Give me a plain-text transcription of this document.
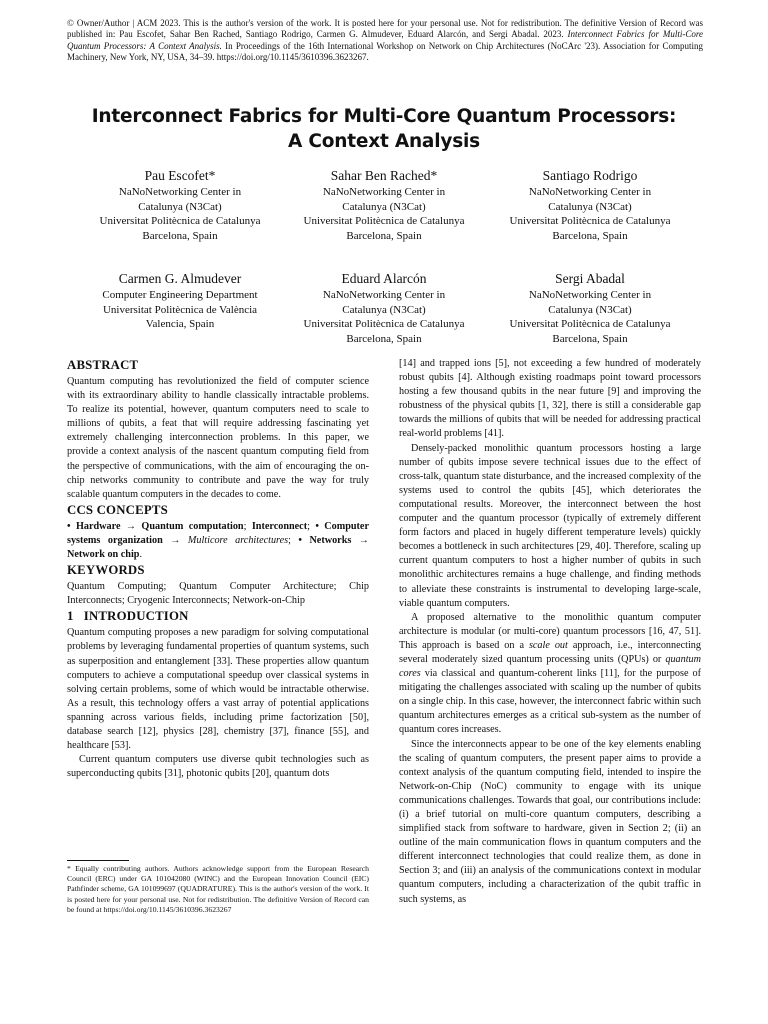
© Owner/Author | ACM 2023. This is the author's version of the work. It is posted here for your personal use. Not for redistribution. The definitive Version of Record was published in: Pau Escofet, Sahar Ben Rached, Santiago Rodrigo, Carmen G. Almudever, Eduard Alarcón, and Sergi Abadal. 2023. Interconnect Fabrics for Multi-Core Quantum Processors: A Context Analysis. In Proceedings of the 16th International Workshop on Network on Chip Architectures (NoCArc '23). Association for Computing Machinery, New York, NY, USA, 34–39. https://doi.org/10.1145/3610396.3623267.
Interconnect Fabrics for Multi-Core Quantum Processors:
A Context Analysis
Pau Escofet*
NaNoNetworking Center in
Catalunya (N3Cat)
Universitat Politècnica de Catalunya
Barcelona, Spain
Sahar Ben Rached*
NaNoNetworking Center in
Catalunya (N3Cat)
Universitat Politècnica de Catalunya
Barcelona, Spain
Santiago Rodrigo
NaNoNetworking Center in
Catalunya (N3Cat)
Universitat Politècnica de Catalunya
Barcelona, Spain
Carmen G. Almudever
Computer Engineering Department
Universitat Politècnica de València
Valencia, Spain
Eduard Alarcón
NaNoNetworking Center in
Catalunya (N3Cat)
Universitat Politècnica de Catalunya
Barcelona, Spain
Sergi Abadal
NaNoNetworking Center in
Catalunya (N3Cat)
Universitat Politècnica de Catalunya
Barcelona, Spain
ABSTRACT

Quantum computing has revolutionized the field of computer science with its extraordinary ability to handle classically intractable problems. To realize its potential, however, quantum computers need to scale to millions of qubits, a feat that will require addressing fascinating yet extremely challenging interconnection problems. In this paper, we provide a context analysis of the nascent quantum computing field from the perspective of communications, with the aim of encouraging the on-chip networks community to contribute and pave the way for truly scalable quantum computers in the decades to come.

CCS CONCEPTS

• Hardware → Quantum computation; Interconnect; • Computer systems organization → Multicore architectures; • Networks → Network on chip.

KEYWORDS

Quantum Computing; Quantum Computer Architecture; Chip Interconnects; Cryogenic Interconnects; Network-on-Chip

1   INTRODUCTION

Quantum computing proposes a new paradigm for solving computational problems by leveraging fundamental properties of quantum systems, such as superposition and entanglement [33]. These properties allow quantum computers to achieve a computational speedup over classical systems in solving certain problems, some of which would be intractable otherwise. As a result, this technology offers a vast array of potential applications spanning across various fields, including prime factorization [50], database search [12], physics [28], chemistry [37], finance [55], and healthcare [53].

Current quantum computers use diverse qubit technologies such as superconducting qubits [31], photonic qubits [20], quantum dots

* Equally contributing authors. Authors acknowledge support from the European Research Council (ERC) under GA 101042080 (WINC) and the European Innovation Council (EIC) Pathfinder scheme, GA 101099697 (QUADRATURE). This is the author's version of the work. It is posted here for your personal use. Not for redistribution. The definitive Version of Record can be found at https://doi.org/10.1145/3610396.3623267

[14] and trapped ions [5], not exceeding a few hundred of moderately robust qubits [4]. Although existing roadmaps point toward processors hosting a few thousand qubits in the near future [9] and improving the robustness of the physical qubits [1, 32], there is still a considerable gap towards the millions of qubits that will be needed for addressing practical real-world problems [41].

Densely-packed monolithic quantum processors hosting a large number of qubits impose severe technical issues due to the effect of cross-talk, quantum state disturbance, and the increased complexity of the systems used to control the qubits [45], which deteriorates the computational results. Moreover, the interconnect between the host computer and the quantum processor (typically of extremely different form factors and placed in hugely different temperature levels) quickly becomes a bottleneck in such architectures [29, 40]. Therefore, scaling up current quantum computers to host a higher number of qubits in such monolithic architectures remains a huge challenge, and finding methods to alleviate these constraints is instrumental to developing large-scale, viable quantum computers.

A proposed alternative to the monolithic quantum computer architecture is modular (or multi-core) quantum processors [16, 47, 51]. This approach is based on a scale out approach, i.e., interconnecting several moderately sized quantum processing units (QPUs) or quantum cores via classical and quantum-coherent links [11], for the purpose of mitigating the challenges associated with scaling up the number of qubits on a single chip. In this case, however, the interconnect fabric within such quantum architectures emerges as a critical sub-system as the number of quantum cores increases.

Since the interconnects appear to be one of the key elements enabling the scaling of quantum computers, the present paper aims to provide a context analysis of the quantum computing field, intended to inspire the Network-on-Chip (NoC) community to engage with its unique communications challenges. Towards that goal, our contributions include: (i) a brief tutorial on multi-core quantum computers, describing a simplified stack from software to hardware, given in Section 2; (ii) an outline of the main communication flows in quantum computers and the different interconnect technologies that could realize them, as done in Section 3; and (iii) an analysis of the communications context in modular quantum computers, including a characterization of the qubit traffic in such systems, as
